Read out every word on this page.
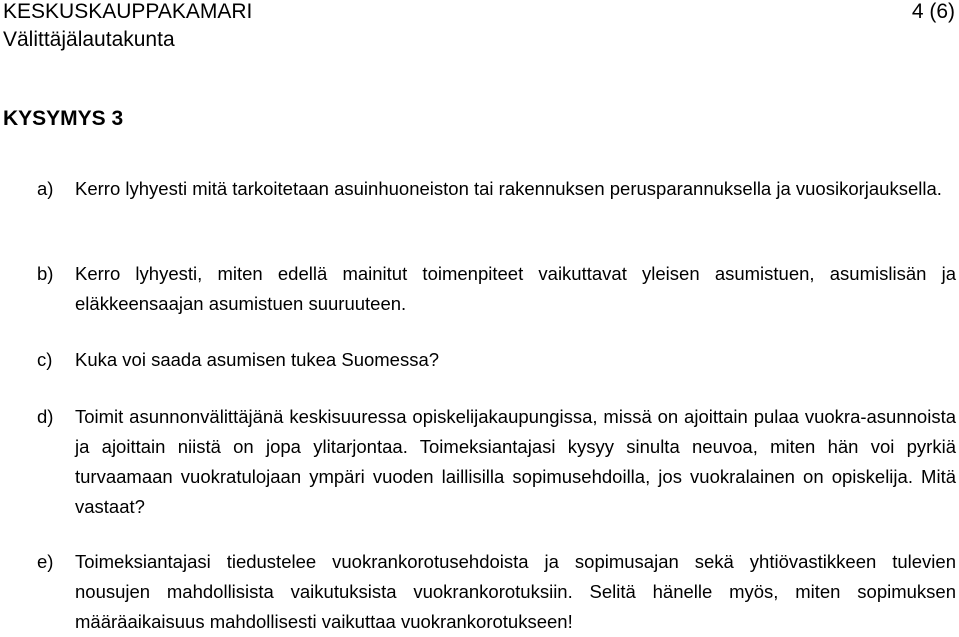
KESKUSKAUPPAKAMARI
Välittäjälautakunta
4 (6)
KYSYMYS 3
a)	Kerro lyhyesti mitä tarkoitetaan asuinhuoneiston tai rakennuksen perusparannuksella ja vuosikorjauksella.
b)	Kerro lyhyesti, miten edellä mainitut toimenpiteet vaikuttavat yleisen asumistuen, asumislisän ja eläkkeensaajan asumistuen suuruuteen.
c)	Kuka voi saada asumisen tukea Suomessa?
d)	Toimit asunnonvälittäjänä keskisuuressa opiskelijakaupungissa, missä on ajoittain pulaa vuokra-asunnoista ja ajoittain niistä on jopa ylitarjontaa. Toimeksiantajasi kysyy sinulta neuvoa, miten hän voi pyrkiä turvaamaan vuokratulojaan ympäri vuoden laillisilla sopimusehdoilla, jos vuokralainen on opiskelija. Mitä vastaat?
e)	Toimeksiantajasi tiedustelee vuokrankorotusehdoista ja sopimusajan sekä yhtiövastikkeen tulevien nousujen mahdollisista vaikutuksista vuokrankorotuksiin. Selitä hänelle myös, miten sopimuksen määräaikaisuus mahdollisesti vaikuttaa vuokrankorotukseen!
